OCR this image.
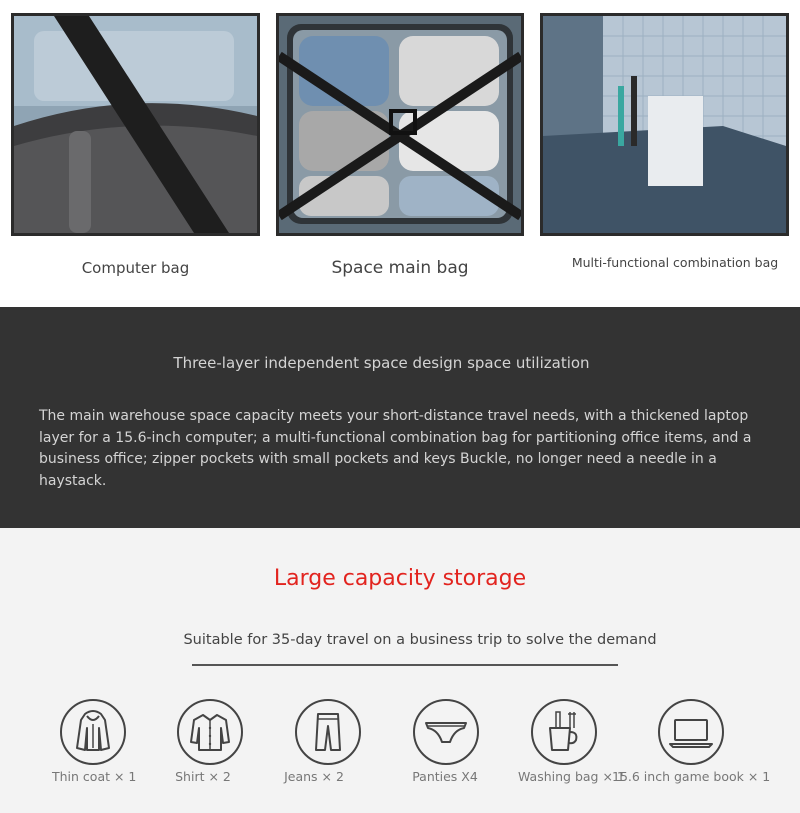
Computer bag	Space main bag	Multi-functional combination bag
Three-layer independent space design space utilization
The main warehouse space capacity meets your short-distance travel needs, with a thickened laptop layer for a 15.6-inch computer; a multi-functional combination bag for partitioning office items, and a business office; zipper pockets with small pockets and keys Buckle, no longer need a needle in a haystack.
Large capacity storage
Suitable for 35-day travel on a business trip to solve the demand
Thin coat × 1	Shirt × 2	Jeans × 2	Panties X4	Washing bag × 1
15.6 inch game book × 1
